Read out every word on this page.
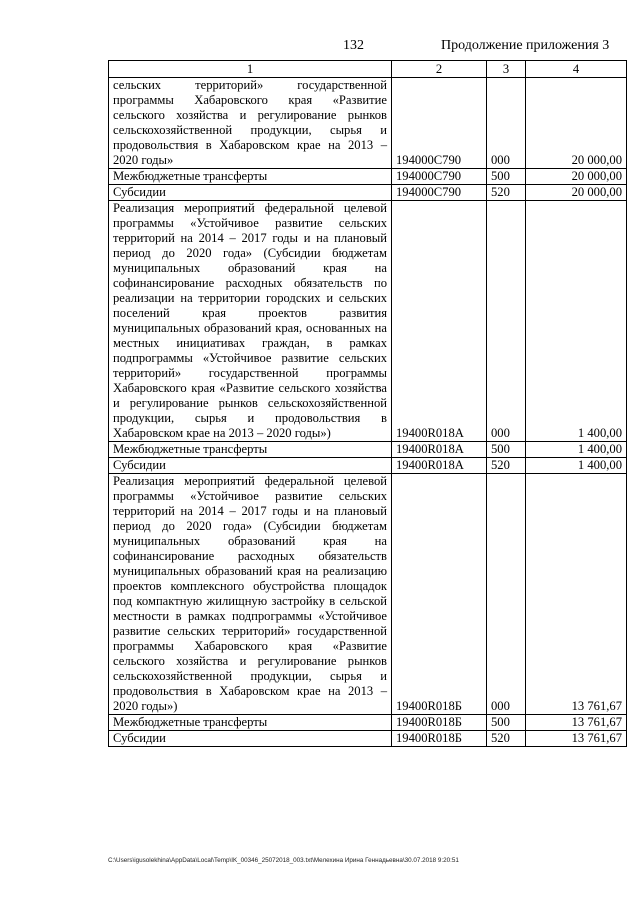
132	Продолжение приложения 3
1	2	3	4
сельских территорий» государственной программы Хабаровского края «Развитие сельского хозяйства и регулирование рынков сельскохозяйственной продукции, сырья и продовольствия в Хабаровском крае на 2013 – 2020 годы»	194000С790	000	20 000,00
Межбюджетные трансферты	194000С790	500	20 000,00
Субсидии	194000С790	520	20 000,00
Реализация мероприятий федеральной целевой программы «Устойчивое развитие сельских территорий на 2014 – 2017 годы и на плановый период до 2020 года» (Субсидии бюджетам муниципальных образований края на софинансирование расходных обязательств по реализации на территории городских и сельских поселений края проектов развития муниципальных образований края, основанных на местных инициативах граждан, в рамках подпрограммы «Устойчивое развитие сельских территорий» государственной программы Хабаровского края «Развитие сельского хозяйства и регулирование рынков сельскохозяйственной продукции, сырья и продовольствия в Хабаровском крае на 2013 – 2020 годы»)	19400R018А	000	1 400,00
Межбюджетные трансферты	19400R018А	500	1 400,00
Субсидии	19400R018А	520	1 400,00
Реализация мероприятий федеральной целевой программы «Устойчивое развитие сельских территорий на 2014 – 2017 годы и на плановый период до 2020 года» (Субсидии бюджетам муниципальных образований края на софинансирование расходных обязательств муниципальных образований края на реализацию проектов комплексного обустройства площадок под компактную жилищную застройку в сельской местности в рамках подпрограммы «Устойчивое развитие сельских территорий» государственной программы Хабаровского края «Развитие сельского хозяйства и регулирование рынков сельскохозяйственной продукции, сырья и продовольствия в Хабаровском крае на 2013 – 2020 годы»)	19400R018Б	000	13 761,67
Межбюджетные трансферты	19400R018Б	500	13 761,67
Субсидии	19400R018Б	520	13 761,67
C:\Users\igusolekhina\AppData\Local\Temp\IK_00346_25072018_003.txt\Мелехина Ирина Геннадьевна\30.07.2018 9:20:51
